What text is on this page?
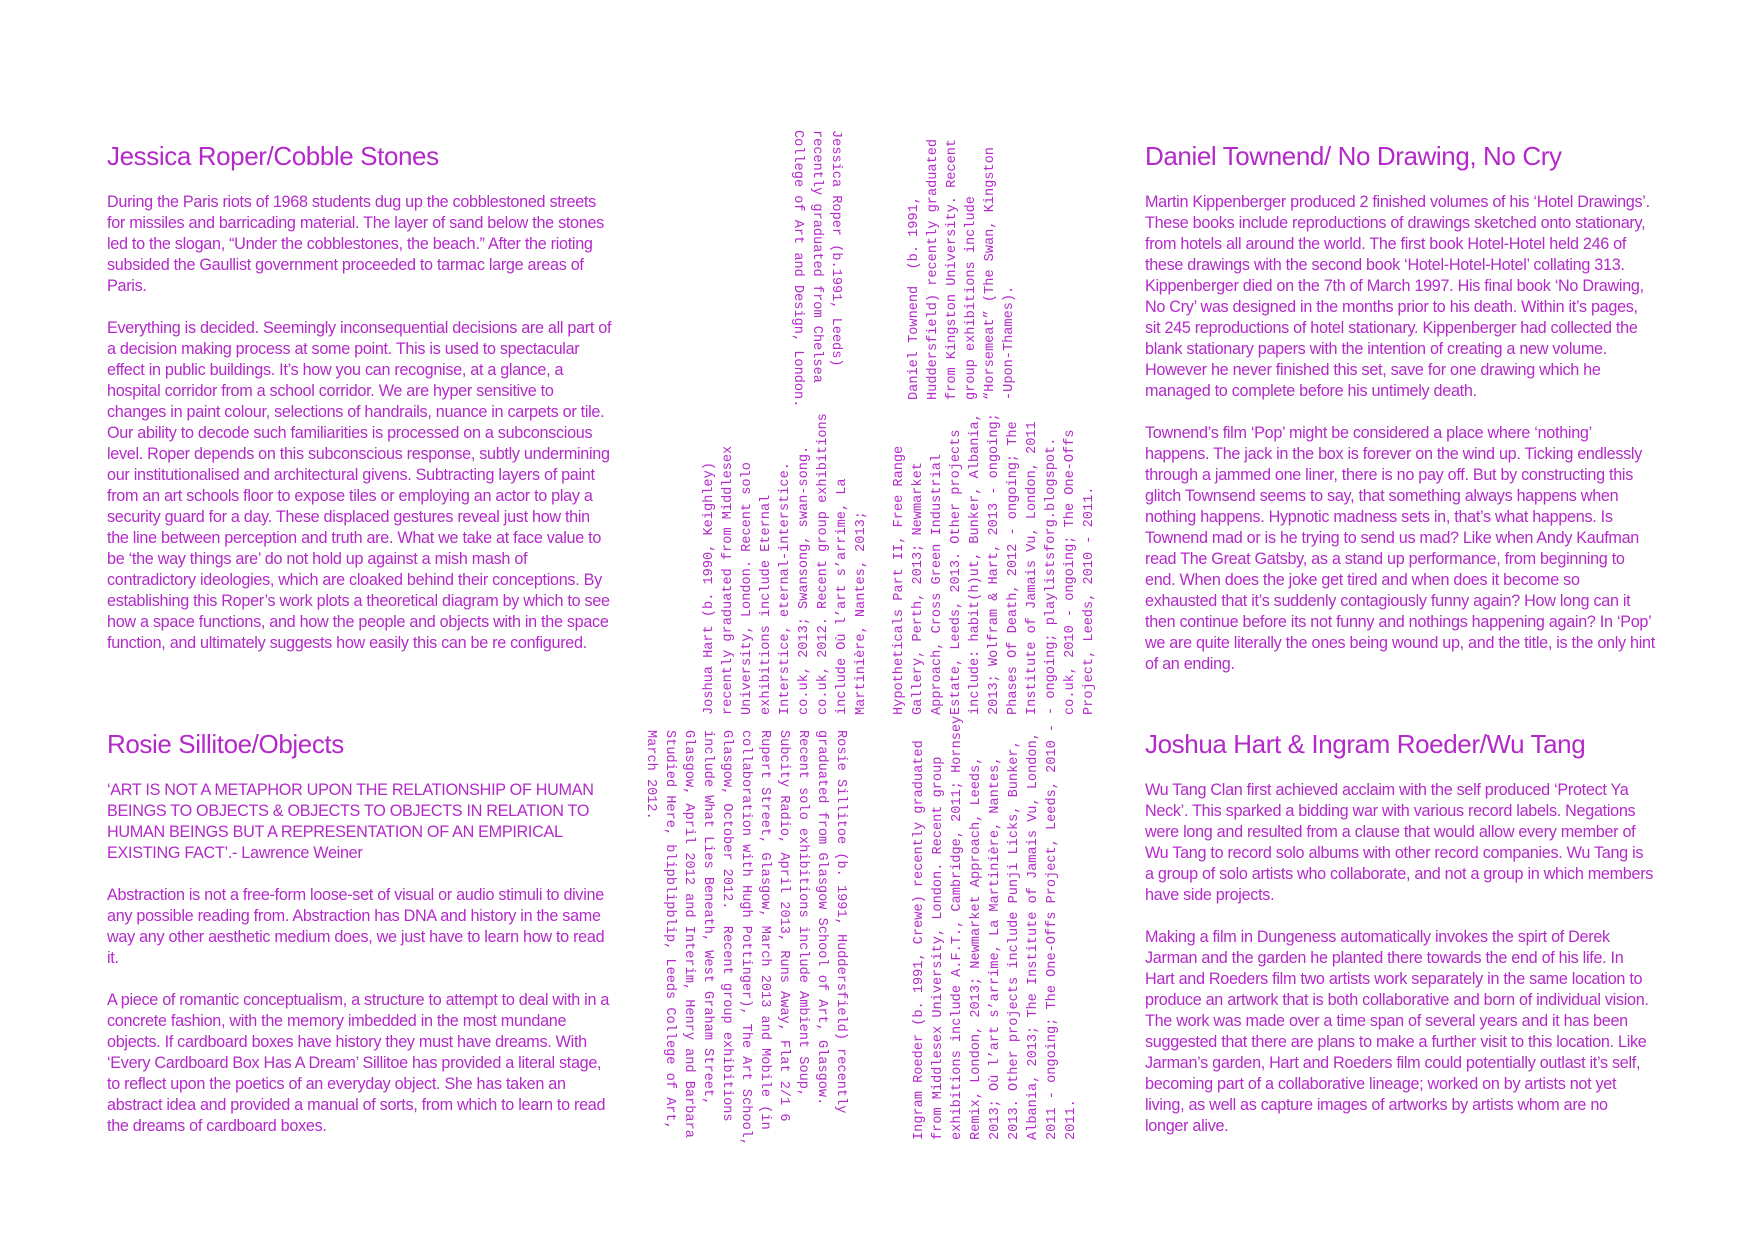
Jessica Roper/Cobble Stones

During the Paris riots of 1968 students dug up the cobblestoned streets for missiles and barricading material. The layer of sand below the stones led to the slogan, “Under the cobblestones, the beach.” After the rioting subsided the Gaullist government proceeded to tarmac large areas of Paris.

Everything is decided. Seemingly inconsequential decisions are all part of a decision making process at some point. This is used to spectacular effect in public buildings. It’s how you can recognise, at a glance, a hospital corridor from a school corridor. We are hyper sensitive to changes in paint colour, selections of handrails, nuance in carpets or tile. Our ability to decode such familiarities is processed on a subconscious level. Roper depends on this subconscious response, subtly undermining our institutionalised and architectural givens. Subtracting layers of paint from an art schools floor to expose tiles or employing an actor to play a security guard for a day. These displaced gestures reveal just how thin the line between perception and truth are. What we take at face value to be ‘the way things are’ do not hold up against a mish mash of contradictory ideologies, which are cloaked behind their conceptions. By establishing this Roper’s work plots a theoretical diagram by which to see how a space functions, and how the people and objects with in the space function, and ultimately suggests how easily this can be re configured.

Rosie Sillitoe/Objects

‘ART IS NOT A METAPHOR UPON THE RELATIONSHIP OF HUMAN BEINGS TO OBJECTS & OBJECTS TO OBJECTS IN RELATION TO HUMAN BEINGS BUT A REPRESENTATION OF AN EMPIRICAL EXISTING FACT’.- Lawrence Weiner

Abstraction is not a free-form loose-set of visual or audio stimuli to divine any possible reading from. Abstraction has DNA and history in the same way any other aesthetic medium does, we just have to learn how to read it.

A piece of romantic conceptualism, a structure to attempt to deal with in a concrete fashion, with the memory imbedded in the most mundane objects. If cardboard boxes have history they must have dreams. With ‘Every Cardboard Box Has A Dream’ Sillitoe has provided a literal stage, to reflect upon the poetics of an everyday object. She has taken an abstract idea and provided a manual of sorts, from which to learn to read the dreams of cardboard boxes.

Daniel Townend/ No Drawing, No Cry

Martin Kippenberger produced 2 finished volumes of his ‘Hotel Drawings’. These books include reproductions of drawings sketched onto stationary, from hotels all around the world. The first book Hotel-Hotel held 246 of these drawings with the second book ‘Hotel-Hotel-Hotel’ collating 313. Kippenberger died on the 7th of March 1997. His final book ‘No Drawing, No Cry’ was designed in the months prior to his death. Within it’s pages, sit 245 reproductions of hotel stationary. Kippenberger had collected the blank stationary papers with the intention of creating a new volume. However he never finished this set, save for one drawing which he managed to complete before his untimely death.

Townend’s film ‘Pop’ might be considered a place where ‘nothing’ happens. The jack in the box is forever on the wind up. Ticking endlessly through a jammed one liner, there is no pay off. But by constructing this glitch Townsend seems to say, that something always happens when nothing happens. Hypnotic madness sets in, that’s what happens. Is Townend mad or is he trying to send us mad? Like when Andy Kaufman read The Great Gatsby, as a stand up performance, from beginning to end. When does the joke get tired and when does it become so exhausted that it’s suddenly contagiously funny again? How long can it then continue before its not funny and nothings happening again? In ‘Pop’ we are quite literally the ones being wound up, and the title, is the only hint of an ending.

Joshua Hart & Ingram Roeder/Wu Tang

Wu Tang Clan first achieved acclaim with the self produced ‘Protect Ya Neck’. This sparked a bidding war with various record labels. Negations were long and resulted from a clause that would allow every member of Wu Tang to record solo albums with other record companies. Wu Tang is a group of solo artists who collaborate, and not a group in which members have side projects.

Making a film in Dungeness automatically invokes the spirt of Derek Jarman and the garden he planted there towards the end of his life. In Hart and Roeders film two artists work separately in the same location to produce an artwork that is both collaborative and born of individual vision. The work was made over a time span of several years and it has been suggested that there are plans to make a further visit to this location. Like Jarman’s garden, Hart and Roeders film could potentially outlast it’s self, becoming part of a collaborative lineage; worked on by artists not yet living, as well as capture images of artworks by artists whom are no longer alive.

Jessica Roper (b.1991, Leeds)
recently graduated from Chelsea
College of Art and Design, London.	Daniel Townend  (b. 1991,
Huddersfield) recently graduated
from Kingston University. Recent
group exhibitions include
“Horsemeat” (The Swan, Kingston
-Upon-Thames).
Joshua Hart (b. 1990, Keighley)
recently graduated from Middlesex
University, London. Recent solo
exhibitions include Eternal
Interstice, eternal-interstice.
co.uk, 2013; Swansong, swan-song.
co.uk, 2012. Recent group exhibitions
include Où l’art s’arrime, La
Martinière, Nantes, 2013;
Hypotheticals Part II, Free Range
Gallery, Perth, 2013; Newmarket
Approach, Cross Green Industrial
Estate, Leeds, 2013. Other projects
include: habit(h)ut, Bunker, Albania,
2013; Wolfram & Hart, 2013 - ongoing;
Phases Of Death, 2012 - ongoing; The
Institute of Jamais Vu, London, 2011
- ongoing; playlistsforg.blogspot.
co.uk, 2010 - ongoing; The One-Offs
Project, Leeds, 2010 - 2011.
Rosie Sillitoe (b. 1991, Huddersfield) recently
graduated from Glasgow School of Art, Glasgow.
Recent solo exhibitions include Ambient Soup,
Subcity Radio, April 2013, Runs Away, Flat 2/1 6
Rupert Street, Glasgow, March 2013 and Mobile (in
collaboration with Hugh Pottinger), The Art School,
Glasgow, October 2012.  Recent group exhibitions
include What Lies Beneath, West Graham Street,
Glasgow, April 2012 and Interim, Henry and Barbara
Studied Here, blipblipblip, Leeds College of Art,
March 2012.
Ingram Roeder (b. 1991, Crewe) recently graduated
from Middlesex University, London. Recent group
exhibitions include A.F.T., Cambridge, 2011; Hornsey
Remix, London, 2013; Newmarket Approach, Leeds,
2013; Où l’art s’arrime, La Martinière, Nantes,
2013. Other projects include Punji Licks, Bunker,
Albania, 2013; The Institute of Jamais Vu, London,
2011 - ongoing; The One-Offs Project, Leeds, 2010 -
2011.
